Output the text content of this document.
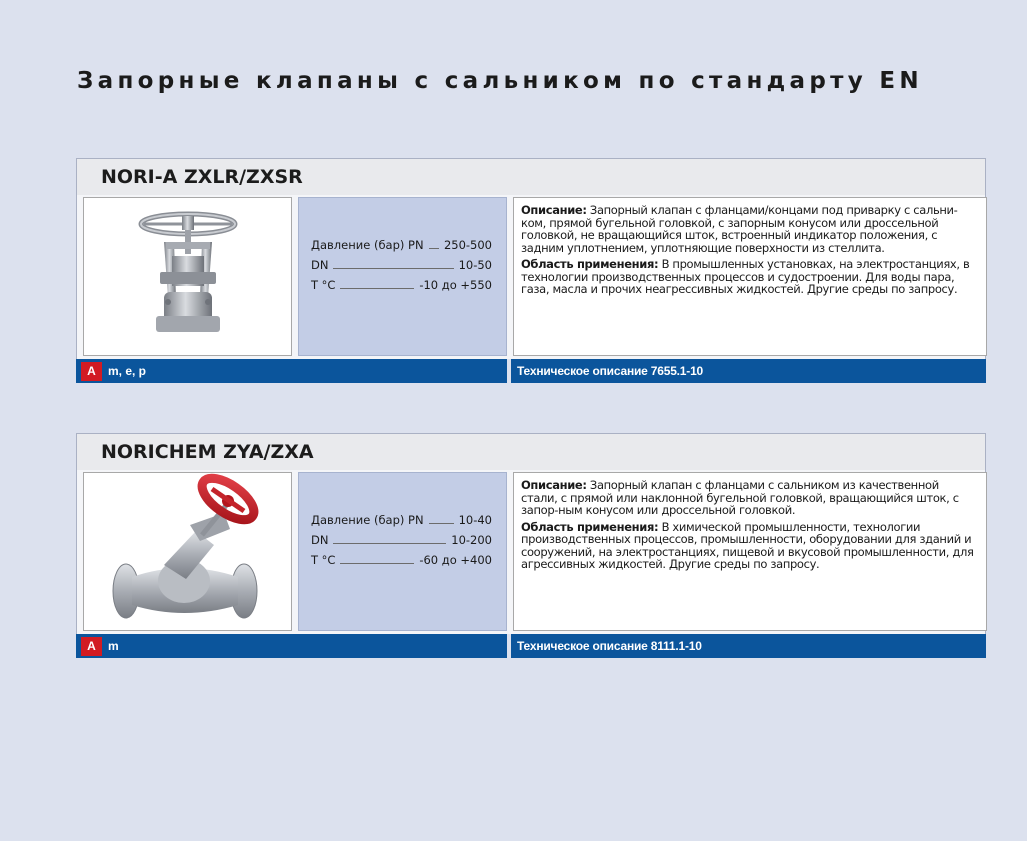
Запорные клапаны с сальником по стандарту EN
NORI-A ZXLR/ZXSR
Давление (бар) PN 250-500
DN	10-50
T °C	-10 до +550
Описание: Запорный клапан с фланцами/концами под приварку с сальни-ком, прямой бугельной головкой, с запорным конусом или дроссельной головкой, не вращающийся шток, встроенный индикатор положения, с задним уплотнением, уплотняющие поверхности из стеллита.
Область применения: В промышленных установках, на электростанциях, в технологии производственных процессов и судостроении. Для воды пара, газа, масла и прочих неагрессивных жидкостей. Другие среды по запросу.
A	m, e, p	Техническое описание 7655.1-10
NORICHEM ZYA/ZXA
Давление (бар) PN	10-40
DN	10-200
T °C	-60 до +400
Описание: Запорный клапан с фланцами с сальником из качественной стали, с прямой или наклонной бугельной головкой, вращающийся шток, с запор-ным конусом или дроссельной головкой.
Область применения: В химической промышленности, технологии производственных процессов, промышленности, оборудовании для зданий и сооружений, на электростанциях, пищевой и вкусовой промышленности, для агрессивных жидкостей. Другие среды по запросу.
A	m	Техническое описание 8111.1-10
